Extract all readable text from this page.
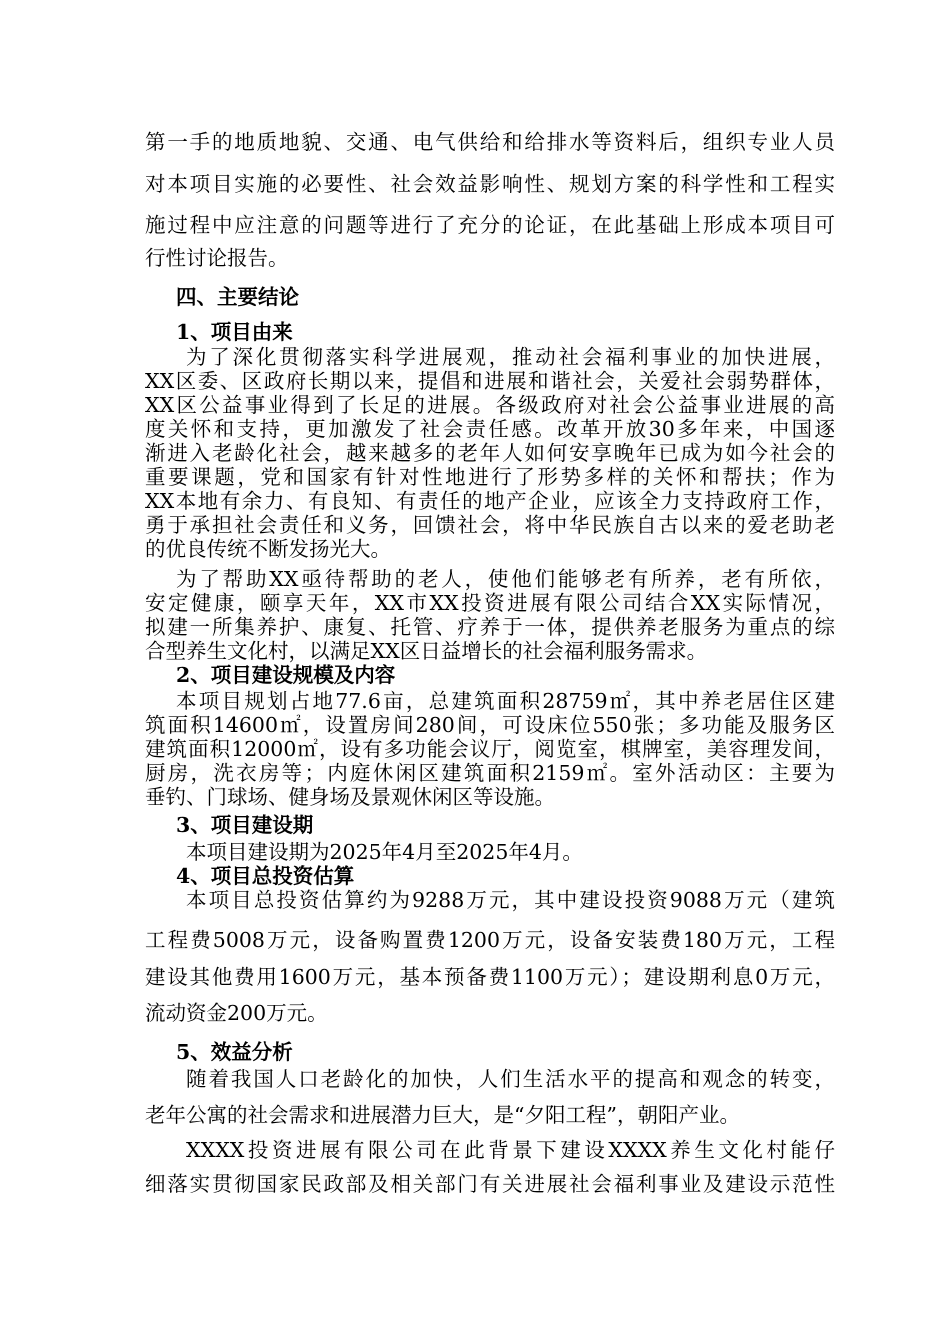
第一手的地质地貌、交通、电气供给和给排水等资料后，组织专业人员
对本项目实施的必要性、社会效益影响性、规划方案的科学性和工程实
施过程中应注意的问题等进行了充分的论证，在此基础上形成本项目可
行性讨论报告。
四、主要结论
1、项目由来
为了深化贯彻落实科学进展观，推动社会福利事业的加快进展，
XX区委、区政府长期以来，提倡和进展和谐社会，关爱社会弱势群体，
XX区公益事业得到了长足的进展。各级政府对社会公益事业进展的高
度关怀和支持，更加激发了社会责任感。改革开放30多年来，中国逐
渐进入老龄化社会，越来越多的老年人如何安享晚年已成为如今社会的
重要课题，党和国家有针对性地进行了形势多样的关怀和帮扶；作为
XX本地有余力、有良知、有责任的地产企业，应该全力支持政府工作，
勇于承担社会责任和义务，回馈社会，将中华民族自古以来的爱老助老
的优良传统不断发扬光大。
为了帮助XX亟待帮助的老人，使他们能够老有所养，老有所依，
安定健康，颐享天年，XX市XX投资进展有限公司结合XX实际情况，
拟建一所集养护、康复、托管、疗养于一体，提供养老服务为重点的综
合型养生文化村，以满足XX区日益增长的社会福利服务需求。
2、项目建设规模及内容
本项目规划占地77.6亩，总建筑面积28759㎡，其中养老居住区建
筑面积14600㎡，设置房间280间，可设床位550张；多功能及服务区
建筑面积12000㎡，设有多功能会议厅，阅览室，棋牌室，美容理发间，
厨房，洗衣房等；内庭休闲区建筑面积2159㎡。室外活动区：主要为
垂钓、门球场、健身场及景观休闲区等设施。
3、项目建设期
本项目建设期为2025年4月至2025年4月。
4、项目总投资估算
本项目总投资估算约为9288万元，其中建设投资9088万元（建筑
工程费5008万元，设备购置费1200万元，设备安装费180万元，工程
建设其他费用1600万元，基本预备费1100万元）；建设期利息0万元，
流动资金200万元。
5、效益分析
随着我国人口老龄化的加快，人们生活水平的提高和观念的转变，
老年公寓的社会需求和进展潜力巨大，是“夕阳工程”，朝阳产业。
XXXX投资进展有限公司在此背景下建设XXXX养生文化村能仔
细落实贯彻国家民政部及相关部门有关进展社会福利事业及建设示范性
